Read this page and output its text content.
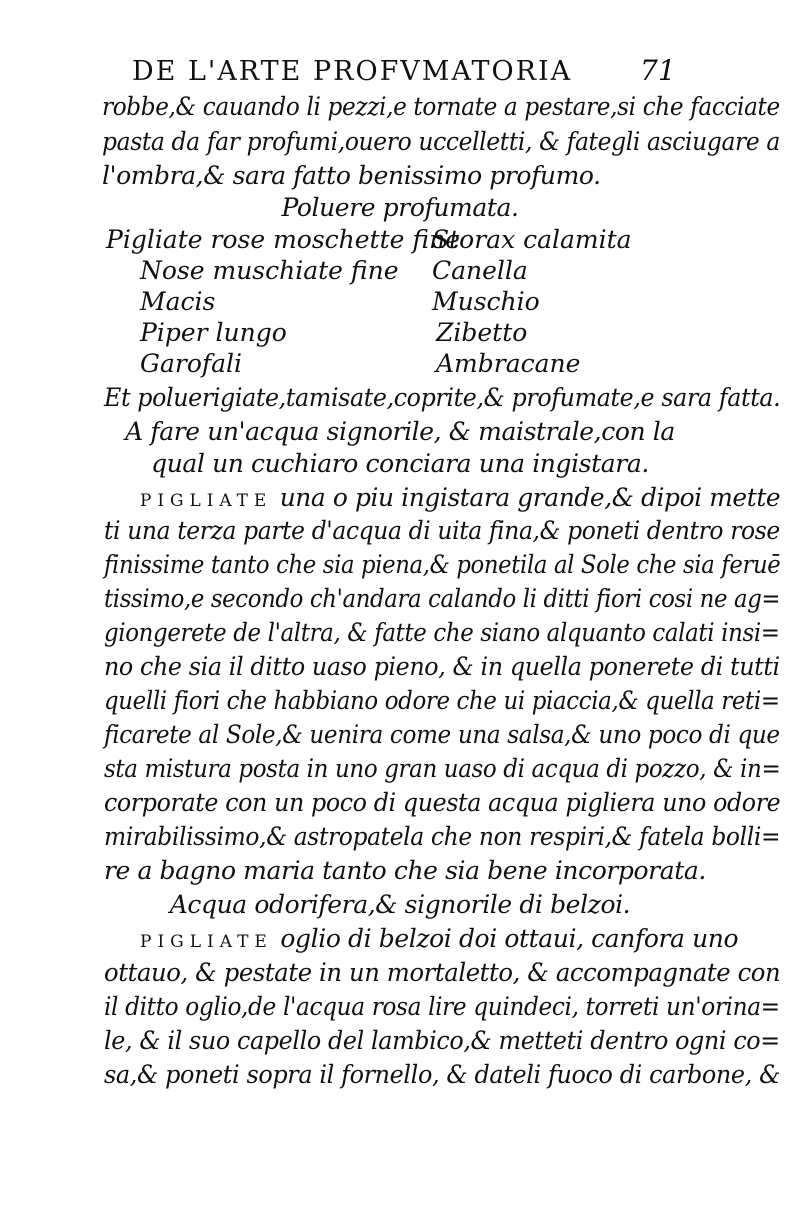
DE L'ARTE PROFVMATORIA 71
robbe,& cauando li pezzi,e tornate a pestare,si che facciate
pasta da far profumi,ouero uccelletti, & fategli asciugare a
l'ombra,& sara fatto benissimo profumo.
Poluere profumata.
Pigliate rose moschette fine
Nose muschiate fine
Macis
Piper lungo
Garofali
Storax calamita
Canella
Muschio
Zibetto
Ambracane
Et poluerigiate,tamisate,coprite,& profumate,e sara fatta.
A fare un'acqua signorile, & maistrale,con la
qual un cuchiaro conciara una ingistara.
PIGLIATE una o piu ingistara grande,& dipoi mette
ti una terza parte d'acqua di uita fina,& poneti dentro rose
finissime tanto che sia piena,& ponetila al Sole che sia feruē
tissimo,e secondo ch'andara calando li ditti fiori cosi ne ag=
giongerete de l'altra, & fatte che siano alquanto calati insi=
no che sia il ditto uaso pieno, & in quella ponerete di tutti
quelli fiori che habbiano odore che ui piaccia,& quella reti=
ficarete al Sole,& uenira come una salsa,& uno poco di que
sta mistura posta in uno gran uaso di acqua di pozzo, & in=
corporate con un poco di questa acqua pigliera uno odore
mirabilissimo,& astropatela che non respiri,& fatela bolli=
re a bagno maria tanto che sia bene incorporata.
Acqua odorifera,& signorile di belzoi.
PIGLIATE oglio di belzoi doi ottaui, canfora uno
ottauo, & pestate in un mortaletto, & accompagnate con
il ditto oglio,de l'acqua rosa lire quindeci, torreti un'orina=
le, & il suo capello del lambico,& metteti dentro ogni co=
sa,& poneti sopra il fornello, & dateli fuoco di carbone, &
